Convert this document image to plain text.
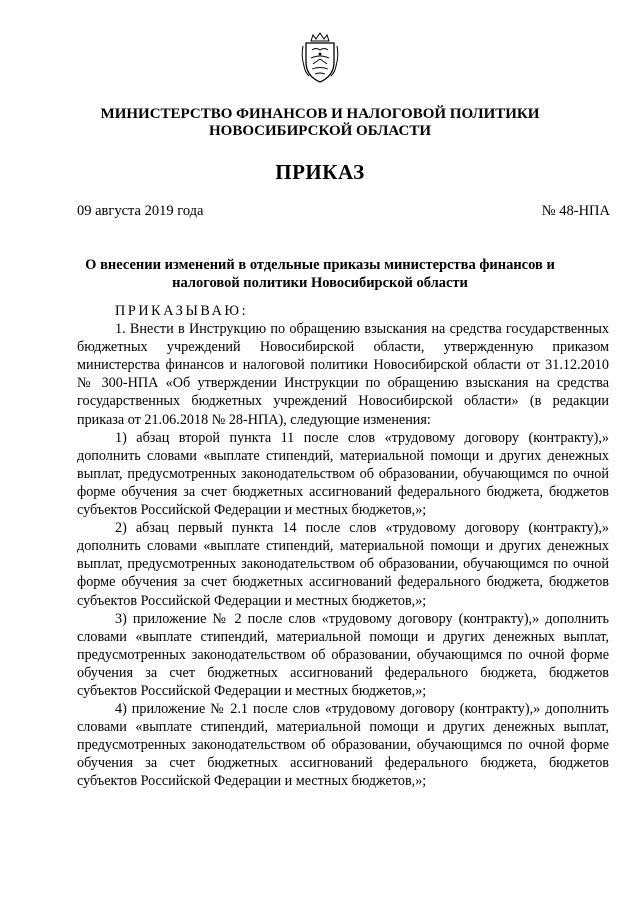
МИНИСТЕРСТВО ФИНАНСОВ И НАЛОГОВОЙ ПОЛИТИКИ
НОВОСИБИРСКОЙ ОБЛАСТИ
ПРИКАЗ
09 августа 2019 года	№ 48-НПА
О внесении изменений в отдельные приказы министерства финансов и
налоговой политики Новосибирской области
ПРИКАЗЫВАЮ:

1. Внести в Инструкцию по обращению взыскания на средства государственных бюджетных учреждений Новосибирской области, утвержденную приказом министерства финансов и налоговой политики Новосибирской области от 31.12.2010 № 300-НПА «Об утверждении Инструкции по обращению взыскания на средства государственных бюджетных учреждений Новосибирской области» (в редакции приказа от 21.06.2018 № 28-НПА), следующие изменения:

1) абзац второй пункта 11 после слов «трудовому договору (контракту),» дополнить словами «выплате стипендий, материальной помощи и других денежных выплат, предусмотренных законодательством об образовании, обучающимся по очной форме обучения за счет бюджетных ассигнований федерального бюджета, бюджетов субъектов Российской Федерации и местных бюджетов,»;

2) абзац первый пункта 14 после слов «трудовому договору (контракту),» дополнить словами «выплате стипендий, материальной помощи и других денежных выплат, предусмотренных законодательством об образовании, обучающимся по очной форме обучения за счет бюджетных ассигнований федерального бюджета, бюджетов субъектов Российской Федерации и местных бюджетов,»;

3) приложение № 2 после слов «трудовому договору (контракту),» дополнить словами «выплате стипендий, материальной помощи и других денежных выплат, предусмотренных законодательством об образовании, обучающимся по очной форме обучения за счет бюджетных ассигнований федерального бюджета, бюджетов субъектов Российской Федерации и местных бюджетов,»;

4) приложение № 2.1 после слов «трудовому договору (контракту),» дополнить словами «выплате стипендий, материальной помощи и других денежных выплат, предусмотренных законодательством об образовании, обучающимся по очной форме обучения за счет бюджетных ассигнований федерального бюджета, бюджетов субъектов Российской Федерации и местных бюджетов,»;
